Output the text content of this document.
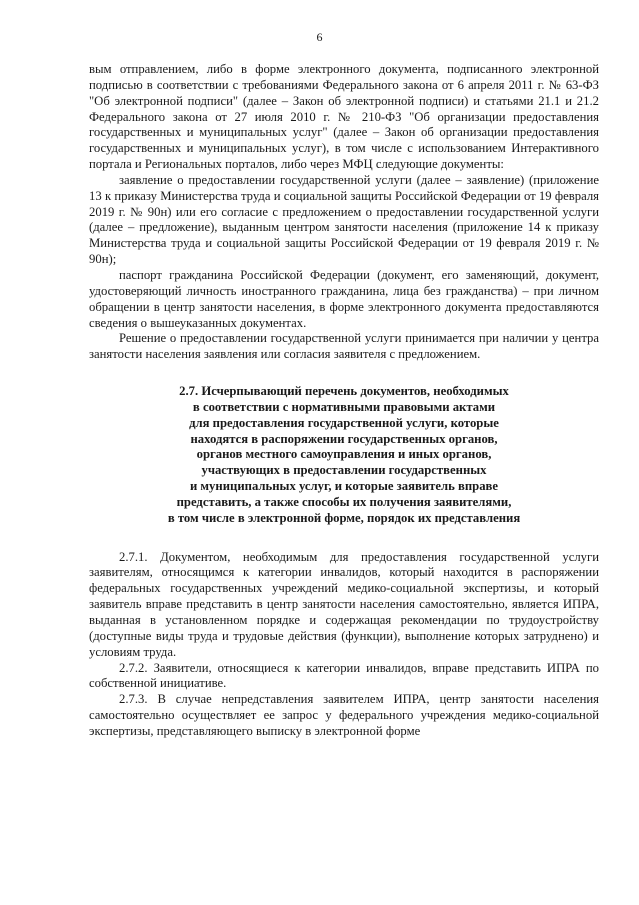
6

вым отправлением, либо в форме электронного документа, подписанного электронной подписью в соответствии с требованиями Федерального закона от 6 апреля 2011 г. № 63-ФЗ "Об электронной подписи" (далее – Закон об электронной подписи) и статьями 21.1 и 21.2 Федерального закона от 27 июля 2010 г. № 210-ФЗ "Об организации предоставления государственных и муниципальных услуг" (далее – Закон об организации предоставления государственных и муниципальных услуг), в том числе с использованием Интерактивного портала и Региональных порталов, либо через МФЦ следующие документы:

заявление о предоставлении государственной услуги (далее – заявление) (приложение 13 к приказу Министерства труда и социальной защиты Российской Федерации от 19 февраля 2019 г. № 90н) или его согласие с предложением о предоставлении государственной услуги (далее – предложение), выданным центром занятости населения (приложение 14 к приказу Министерства труда и социальной защиты Российской Федерации от 19 февраля 2019 г. № 90н);

паспорт гражданина Российской Федерации (документ, его заменяющий, документ, удостоверяющий личность иностранного гражданина, лица без гражданства) – при личном обращении в центр занятости населения, в форме электронного документа предоставляются сведения о вышеуказанных документах.

Решение о предоставлении государственной услуги принимается при наличии у центра занятости населения заявления или согласия заявителя с предложением.

2.7. Исчерпывающий перечень документов, необходимых
в соответствии с нормативными правовыми актами
для предоставления государственной услуги, которые
находятся в распоряжении государственных органов,
органов местного самоуправления и иных органов,
участвующих в предоставлении государственных
и муниципальных услуг, и которые заявитель вправе
представить, а также способы их получения заявителями,
в том числе в электронной форме, порядок их представления

2.7.1. Документом, необходимым для предоставления государственной услуги заявителям, относящимся к категории инвалидов, который находится в распоряжении федеральных государственных учреждений медико-социальной экспертизы, и который заявитель вправе представить в центр занятости населения самостоятельно, является ИПРА, выданная в установленном порядке и содержащая рекомендации по трудоустройству (доступные виды труда и трудовые действия (функции), выполнение которых затруднено) и условиям труда.

2.7.2. Заявители, относящиеся к категории инвалидов, вправе представить ИПРА по собственной инициативе.

2.7.3. В случае непредставления заявителем ИПРА, центр занятости населения самостоятельно осуществляет ее запрос у федерального учреждения медико-социальной экспертизы, представляющего выписку в электронной форме
